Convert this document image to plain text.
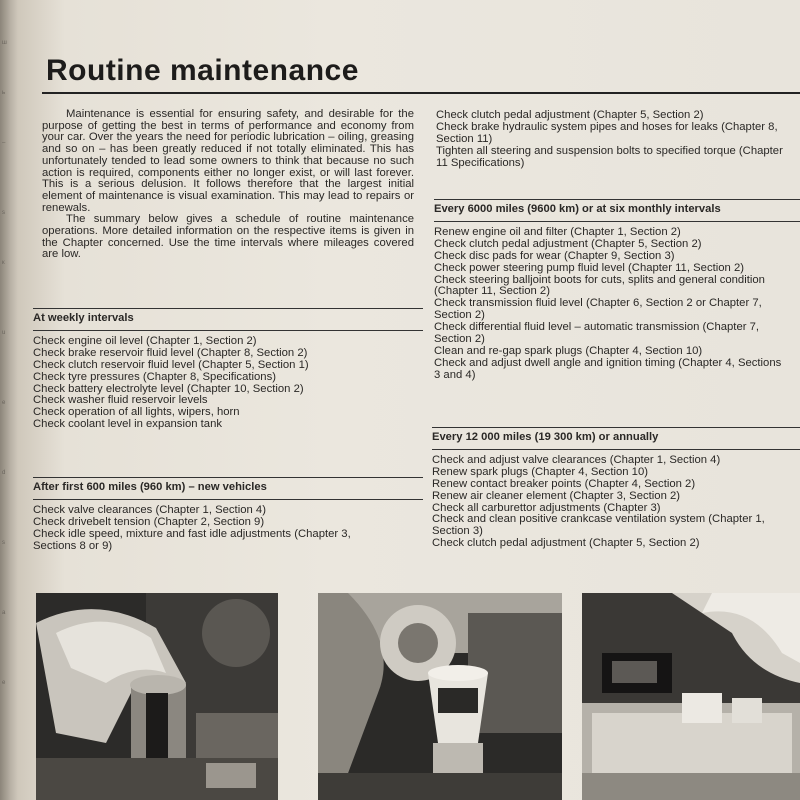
ш
ь
–
s
к
u
e
d
s
a
e
Routine maintenance

Maintenance is essential for ensuring safety, and desirable for the purpose of getting the best in terms of performance and economy from your car. Over the years the need for periodic lubrication – oiling, greasing and so on – has been greatly reduced if not totally eliminated. This has unfortunately tended to lead some owners to think that because no such action is required, components either no longer exist, or will last forever. This is a serious delusion. It follows therefore that the largest initial element of maintenance is visual examination. This may lead to repairs or renewals.

The summary below gives a schedule of routine maintenance operations. More detailed information on the respective items is given in the Chapter concerned. Use the time intervals where mileages covered are low.

At weekly intervals
Check engine oil level (Chapter 1, Section 2)
Check brake reservoir fluid level (Chapter 8, Section 2)
Check clutch reservoir fluid level (Chapter 5, Section 1)
Check tyre pressures (Chapter 8, Specifications)
Check battery electrolyte level (Chapter 10, Section 2)
Check washer fluid reservoir levels
Check operation of all lights, wipers, horn
Check coolant level in expansion tank
After first 600 miles (960 km) – new vehicles
Check valve clearances (Chapter 1, Section 4)
Check drivebelt tension (Chapter 2, Section 9)
Check idle speed, mixture and fast idle adjustments (Chapter 3,
Sections 8 or 9)
Check clutch pedal adjustment (Chapter 5, Section 2)
Check brake hydraulic system pipes and hoses for leaks (Chapter 8,
Section 11)
Tighten all steering and suspension bolts to specified torque (Chapter
11 Specifications)
Every 6000 miles (9600 km) or at six monthly intervals
Renew engine oil and filter (Chapter 1, Section 2)
Check clutch pedal adjustment (Chapter 5, Section 2)
Check disc pads for wear (Chapter 9, Section 3)
Check power steering pump fluid level (Chapter 11, Section 2)
Check steering balljoint boots for cuts, splits and general condition
(Chapter 11, Section 2)
Check transmission fluid level (Chapter 6, Section 2 or Chapter 7,
Section 2)
Check differential fluid level – automatic transmission (Chapter 7,
Section 2)
Clean and re-gap spark plugs (Chapter 4, Section 10)
Check and adjust dwell angle and ignition timing (Chapter 4, Sections
3 and 4)
Every 12 000 miles (19 300 km) or annually
Check and adjust valve clearances (Chapter 1, Section 4)
Renew spark plugs (Chapter 4, Section 10)
Renew contact breaker points (Chapter 4, Section 2)
Renew air cleaner element (Chapter 3, Section 2)
Check all carburettor adjustments (Chapter 3)
Check and clean positive crankcase ventilation system (Chapter 1,
Section 3)
Check clutch pedal adjustment (Chapter 5, Section 2)
